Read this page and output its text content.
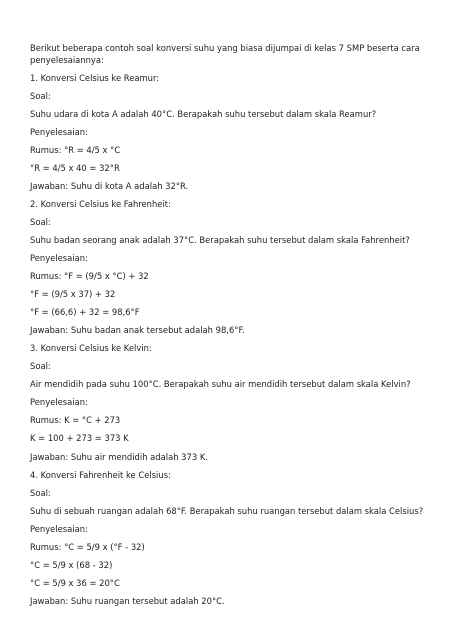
Berikut beberapa contoh soal konversi suhu yang biasa dijumpai di kelas 7 SMP beserta cara
penyelesaiannya:
1. Konversi Celsius ke Reamur:
Soal:
Suhu udara di kota A adalah 40°C. Berapakah suhu tersebut dalam skala Reamur?
Penyelesaian:
Rumus: °R = 4/5 x °C
°R = 4/5 x 40 = 32°R
Jawaban: Suhu di kota A adalah 32°R.
2. Konversi Celsius ke Fahrenheit:
Soal:
Suhu badan seorang anak adalah 37°C. Berapakah suhu tersebut dalam skala Fahrenheit?
Penyelesaian:
Rumus: °F = (9/5 x °C) + 32
°F = (9/5 x 37) + 32
°F = (66,6) + 32 = 98,6°F
Jawaban: Suhu badan anak tersebut adalah 98,6°F.
3. Konversi Celsius ke Kelvin:
Soal:
Air mendidih pada suhu 100°C. Berapakah suhu air mendidih tersebut dalam skala Kelvin?
Penyelesaian:
Rumus: K = °C + 273
K = 100 + 273 = 373 K
Jawaban: Suhu air mendidih adalah 373 K.
4. Konversi Fahrenheit ke Celsius:
Soal:
Suhu di sebuah ruangan adalah 68°F. Berapakah suhu ruangan tersebut dalam skala Celsius?
Penyelesaian:
Rumus: °C = 5/9 x (°F - 32)
°C = 5/9 x (68 - 32)
°C = 5/9 x 36 = 20°C
Jawaban: Suhu ruangan tersebut adalah 20°C.
